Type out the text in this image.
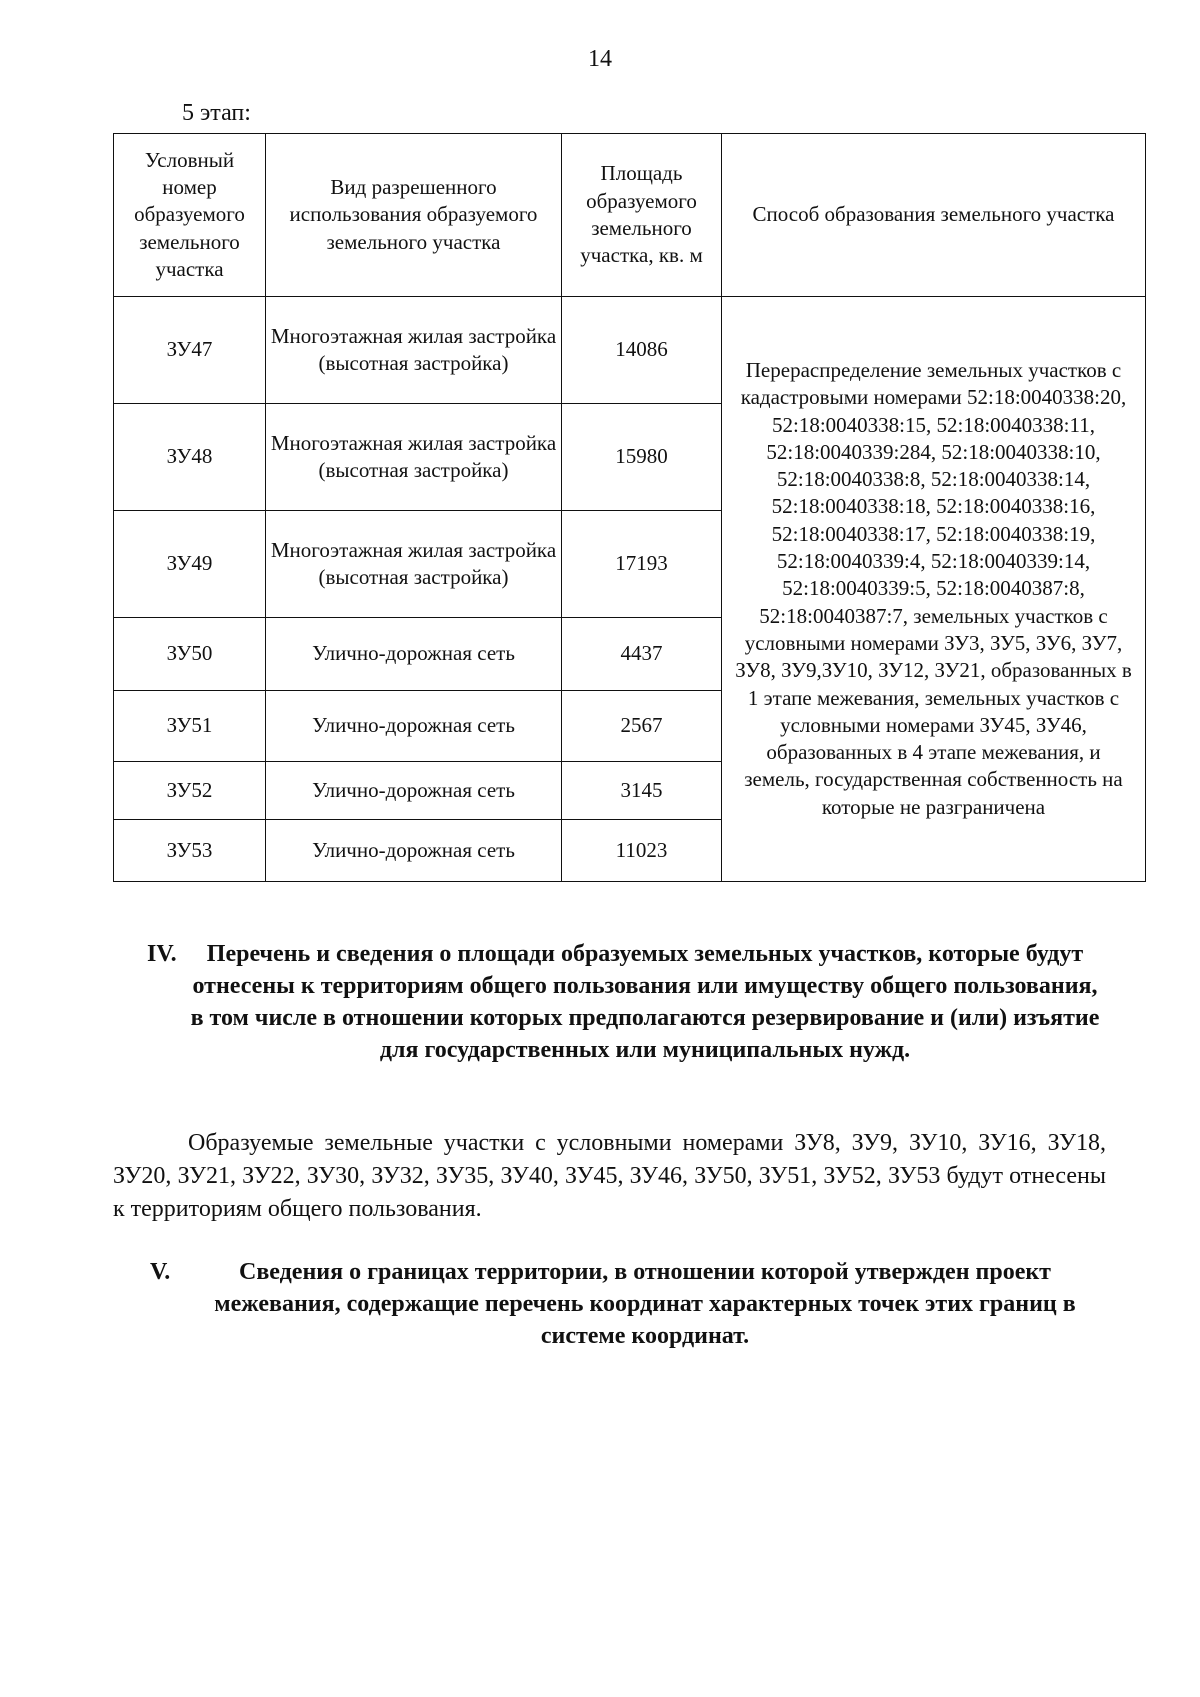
14
5 этап:
Условный номер образуемого земельного участка	Вид разрешенного использования образуемого земельного участка	Площадь образуемого земельного участка, кв. м	Способ образования земельного участка
ЗУ47	Многоэтажная жилая застройка (высотная застройка)	14086	Перераспределение земельных участков с кадастровыми номерами 52:18:0040338:20, 52:18:0040338:15, 52:18:0040338:11, 52:18:0040339:284, 52:18:0040338:10, 52:18:0040338:8, 52:18:0040338:14, 52:18:0040338:18, 52:18:0040338:16, 52:18:0040338:17, 52:18:0040338:19, 52:18:0040339:4, 52:18:0040339:14, 52:18:0040339:5, 52:18:0040387:8, 52:18:0040387:7, земельных участков с условными номерами ЗУ3, ЗУ5, ЗУ6, ЗУ7, ЗУ8, ЗУ9,ЗУ10, ЗУ12, ЗУ21, образованных в 1 этапе межевания, земельных участков с условными номерами ЗУ45, ЗУ46, образованных в 4 этапе межевания, и земель, государственная собственность на которые не разграничена
ЗУ48	Многоэтажная жилая застройка (высотная застройка)	15980	
ЗУ49	Многоэтажная жилая застройка (высотная застройка)	17193	
ЗУ50	Улично-дорожная сеть	4437	
ЗУ51	Улично-дорожная сеть	2567	
ЗУ52	Улично-дорожная сеть	3145	
ЗУ53	Улично-дорожная сеть	11023	
IV.	Перечень и сведения о площади образуемых земельных участков, которые будут отнесены к территориям общего пользования или имуществу общего пользования, в том числе в отношении которых предполагаются резервирование и (или) изъятие для государственных или муниципальных нужд.

Образуемые земельные участки с условными номерами ЗУ8, ЗУ9, ЗУ10, ЗУ16, ЗУ18, ЗУ20, ЗУ21, ЗУ22, ЗУ30, ЗУ32, ЗУ35, ЗУ40, ЗУ45, ЗУ46, ЗУ50, ЗУ51, ЗУ52, ЗУ53 будут отнесены к территориям общего пользования.

V.	Сведения о границах территории, в отношении которой утвержден проект межевания, содержащие перечень координат характерных точек этих границ в системе координат.
